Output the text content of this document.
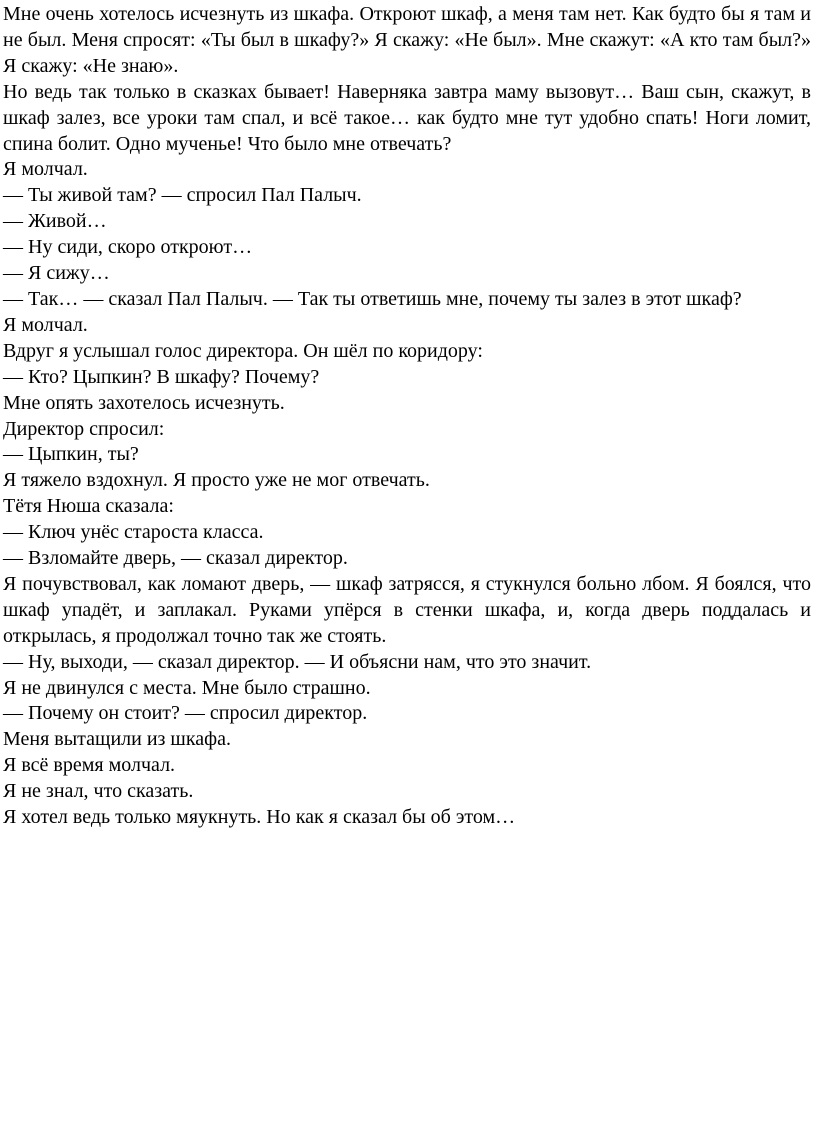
Мне очень хотелось исчезнуть из шкафа. Откроют шкаф, а меня там нет. Как будто бы я там и не был. Меня спросят: «Ты был в шкафу?» Я скажу: «Не был». Мне скажут: «А кто там был?» Я скажу: «Не знаю».

Но ведь так только в сказках бывает! Наверняка завтра маму вызовут… Ваш сын, скажут, в шкаф залез, все уроки там спал, и всё такое… как будто мне тут удобно спать! Ноги ломит, спина болит. Одно мученье! Что было мне отвечать?

Я молчал.

— Ты живой там? — спросил Пал Палыч.

— Живой…

— Ну сиди, скоро откроют…

— Я сижу…

— Так… — сказал Пал Палыч. — Так ты ответишь мне, почему ты залез в этот шкаф?

Я молчал.

Вдруг я услышал голос директора. Он шёл по коридору:

— Кто? Цыпкин? В шкафу? Почему?

Мне опять захотелось исчезнуть.

Директор спросил:

— Цыпкин, ты?

Я тяжело вздохнул. Я просто уже не мог отвечать.

Тётя Нюша сказала:

— Ключ унёс староста класса.

— Взломайте дверь, — сказал директор.

Я почувствовал, как ломают дверь, — шкаф затрясся, я стукнулся больно лбом. Я боялся, что шкаф упадёт, и заплакал. Руками упёрся в стенки шкафа, и, когда дверь поддалась и открылась, я продолжал точно так же стоять.

— Ну, выходи, — сказал директор. — И объясни нам, что это значит.

Я не двинулся с места. Мне было страшно.

— Почему он стоит? — спросил директор.

Меня вытащили из шкафа.

Я всё время молчал.

Я не знал, что сказать.

Я хотел ведь только мяукнуть. Но как я сказал бы об этом…
